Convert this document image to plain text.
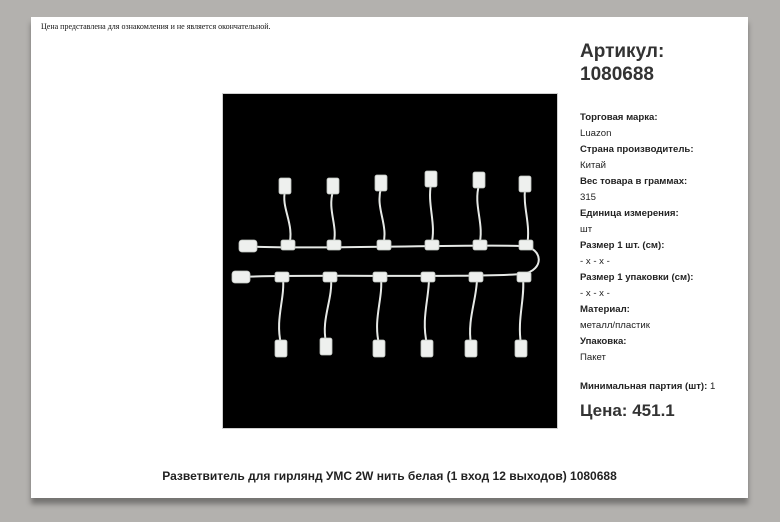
Цена представлена для ознакомления и не является окончательной.
Артикул:
1080688
Торговая марка:
Luazon
Страна производитель:
Китай
Вес товара в граммах:
315
Единица измерения:
шт
Размер 1 шт. (см):
- x - x -
Размер 1 упаковки (см):
- x - x -
Материал:
металл/пластик
Упаковка:
Пакет
Минимальная партия (шт): 1
Цена: 451.1
Разветвитель для гирлянд УМС 2W нить белая (1 вход 12 выходов) 1080688
